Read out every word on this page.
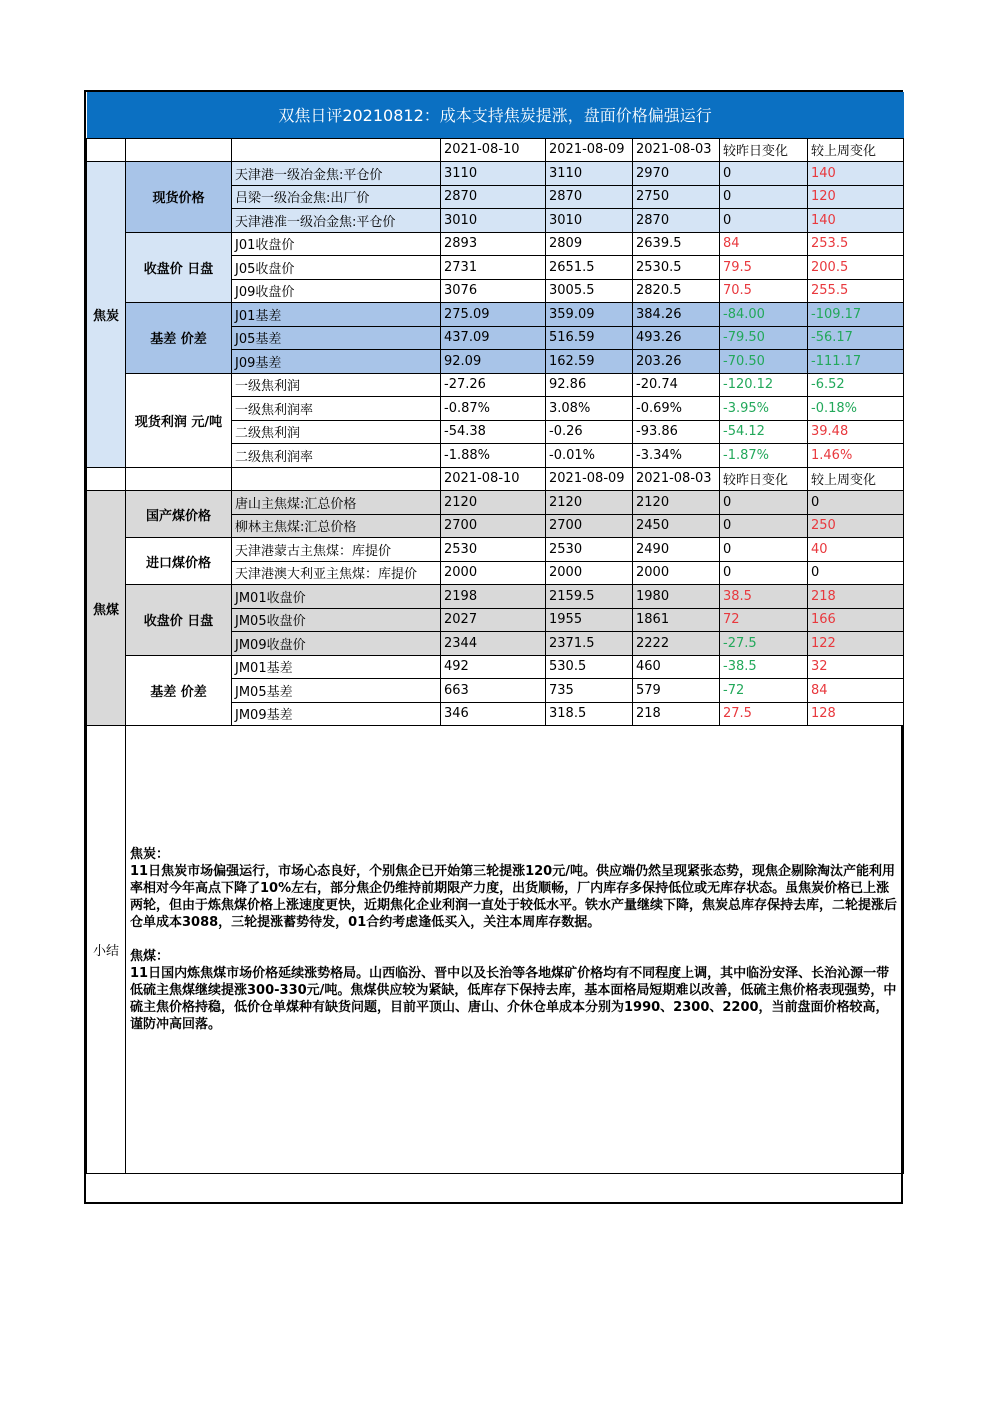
双焦日评20210812：成本支持焦炭提涨，盘面价格偏强运行							
			2021-08-10	2021-08-09	2021-08-03	较昨日变化	较上周变化
焦炭	现货价格	天津港一级冶金焦:平仓价	3110	3110	2970	0	140
		吕梁一级冶金焦:出厂价	2870	2870	2750	0	120
		天津港准一级冶金焦:平仓价	3010	3010	2870	0	140
	收盘价 日盘	J01收盘价	2893	2809	2639.5	84	253.5
		J05收盘价	2731	2651.5	2530.5	79.5	200.5
		J09收盘价	3076	3005.5	2820.5	70.5	255.5
	基差 价差	J01基差	275.09	359.09	384.26	-84.00	-109.17
		J05基差	437.09	516.59	493.26	-79.50	-56.17
		J09基差	92.09	162.59	203.26	-70.50	-111.17
	现货利润 元/吨	一级焦利润	-27.26	92.86	-20.74	-120.12	-6.52
		一级焦利润率	-0.87%	3.08%	-0.69%	-3.95%	-0.18%
		二级焦利润	-54.38	-0.26	-93.86	-54.12	39.48
		二级焦利润率	-1.88%	-0.01%	-3.34%	-1.87%	1.46%
			2021-08-10	2021-08-09	2021-08-03	较昨日变化	较上周变化
焦煤	国产煤价格	唐山主焦煤:汇总价格	2120	2120	2120	0	0
		柳林主焦煤:汇总价格	2700	2700	2450	0	250
	进口煤价格	天津港蒙古主焦煤：库提价	2530	2530	2490	0	40
		天津港澳大利亚主焦煤：库提价	2000	2000	2000	0	0
	收盘价 日盘	JM01收盘价	2198	2159.5	1980	38.5	218
		JM05收盘价	2027	1955	1861	72	166
		JM09收盘价	2344	2371.5	2222	-27.5	122
	基差 价差	JM01基差	492	530.5	460	-38.5	32
		JM05基差	663	735	579	-72	84
		JM09基差	346	318.5	218	27.5	128
小结	焦炭：

11日焦炭市场偏强运行，市场心态良好，个别焦企已开始第三轮提涨120元/吨。供应端仍然呈现紧张态势，现焦企剔除淘汰产能利用率相对今年高点下降了10%左右，部分焦企仍维持前期限产力度，出货顺畅，厂内库存多保持低位或无库存状态。虽焦炭价格已上涨两轮，但由于炼焦煤价格上涨速度更快，近期焦化企业利润一直处于较低水平。铁水产量继续下降，焦炭总库存保持去库，二轮提涨后仓单成本3088，三轮提涨蓄势待发，01合约考虑逢低买入，关注本周库存数据。

焦煤：

11日国内炼焦煤市场价格延续涨势格局。山西临汾、晋中以及长治等各地煤矿价格均有不同程度上调，其中临汾安泽、长治沁源一带低硫主焦煤继续提涨300-330元/吨。焦煤供应较为紧缺，低库存下保持去库，基本面格局短期难以改善，低硫主焦价格表现强势，中硫主焦价格持稳，低价仓单煤种有缺货问题，目前平顶山、唐山、介休仓单成本分别为1990、2300、2200，当前盘面价格较高，谨防冲高回落。						
